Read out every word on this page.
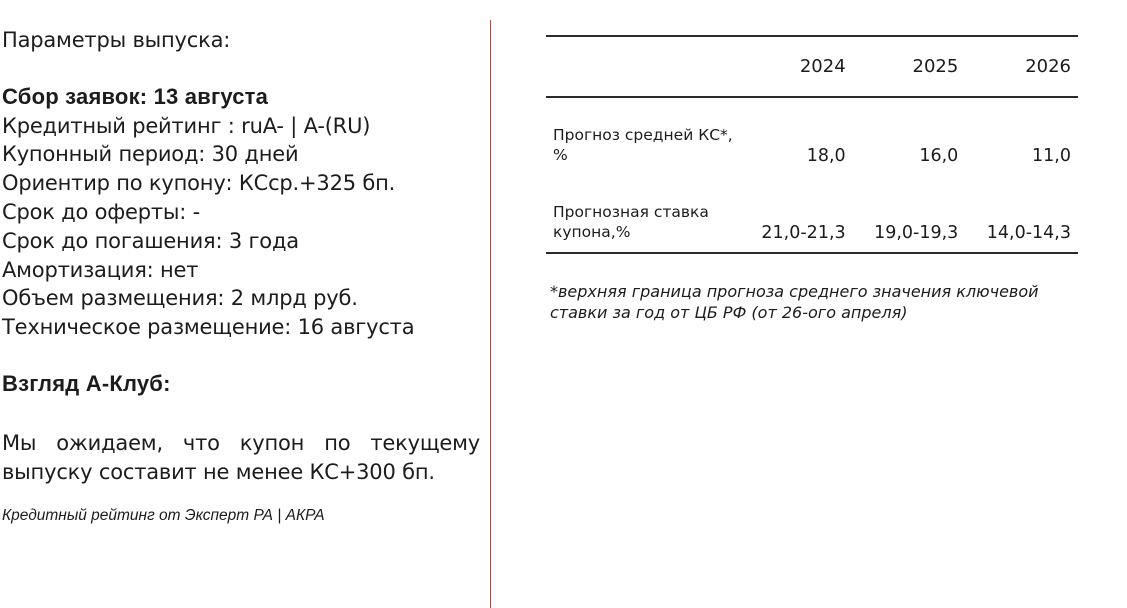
Параметры выпуска:
Сбор заявок: 13 августа
Кредитный рейтинг : ruA- | A-(RU)
Купонный период: 30 дней
Ориентир по купону: КСср.+325 бп.
Срок до оферты: -
Срок до погашения: 3 года
Амортизация: нет
Объем размещения: 2 млрд руб.
Техническое размещение: 16 августа
Взгляд А-Клуб:
Мы ожидаем, что купон по текущему выпуску составит не менее КС+300 бп.
Кредитный рейтинг от Эксперт РА | АКРА
	2024	2025	2026
Прогноз средней КС*, %	18,0	16,0	11,0
Прогнозная ставка купона,%	21,0-21,3	19,0-19,3	14,0-14,3
*верхняя граница прогноза среднего значения ключевой ставки за год от ЦБ РФ (от 26-ого апреля)
